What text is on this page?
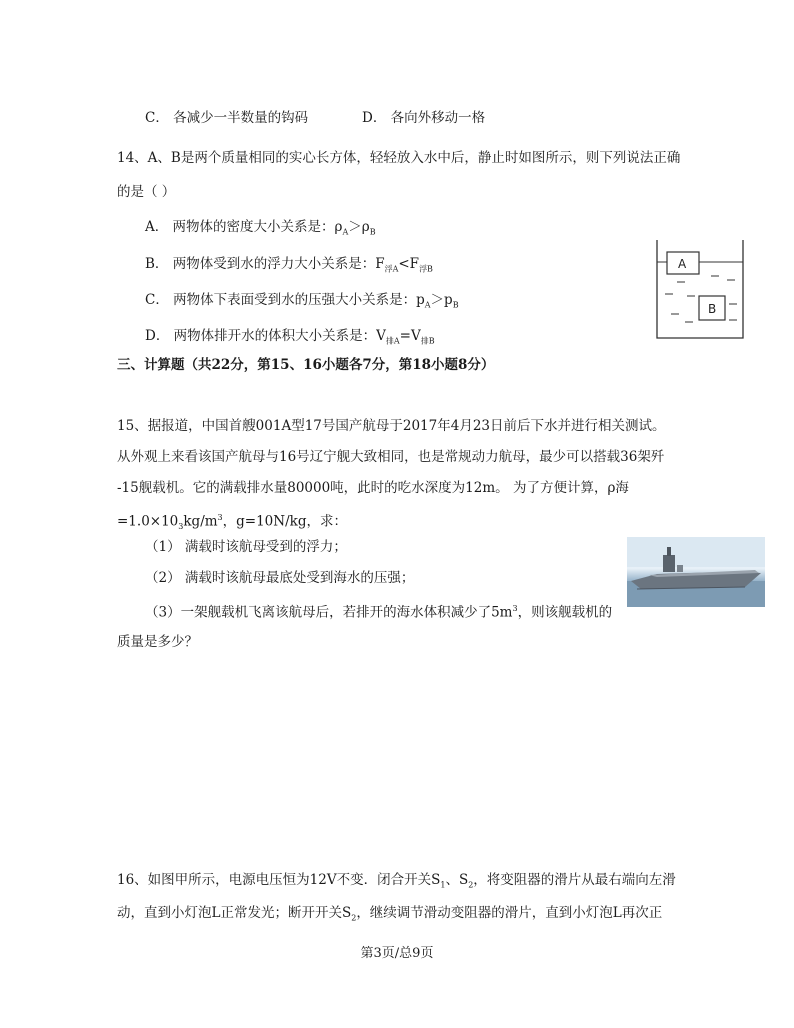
C． 各减少一半数量的钩码	D． 各向外移动一格
14、A、B是两个质量相同的实心长方体，轻轻放入水中后，静止时如图所示，则下列说法正确
的是（ ）
A． 两物体的密度大小关系是：$\rho_A>\rho_B$
B． 两物体受到水的浮力大小关系是：$F_{浮A}<F_{浮B}$
C． 两物体下表面受到水的压强大小关系是：$p_A>p_B$
D． 两物体排开水的体积大小关系是：$V_{排A}=V_{排B}$
A
B
三、计算题（共22分，第15、16小题各7分，第18小题8分）
15、据报道，中国首艘001A型17号国产航母于2017年4月23日前后下水并进行相关测试。
从外观上来看该国产航母与16号辽宁舰大致相同，也是常规动力航母，最少可以搭载36架歼
-15舰载机。它的满载排水量80000吨，此时的吃水深度为12m。 为了方便计算，ρ海
$=1.0\times 10_3kg/m^3$，g=10N/kg，求：
（1） 满载时该航母受到的浮力；
（2） 满载时该航母最底处受到海水的压强；
（3）一架舰载机飞离该航母后，若排开的海水体积减少了$5m^3$，则该舰载机的
质量是多少？
16、如图甲所示，电源电压恒为12V不变．闭合开关$S_1$、$S_2$，将变阻器的滑片从最右端向左滑
动，直到小灯泡L正常发光；断开开关$S_2$，继续调节滑动变阻器的滑片，直到小灯泡L再次正
第3页/总9页
